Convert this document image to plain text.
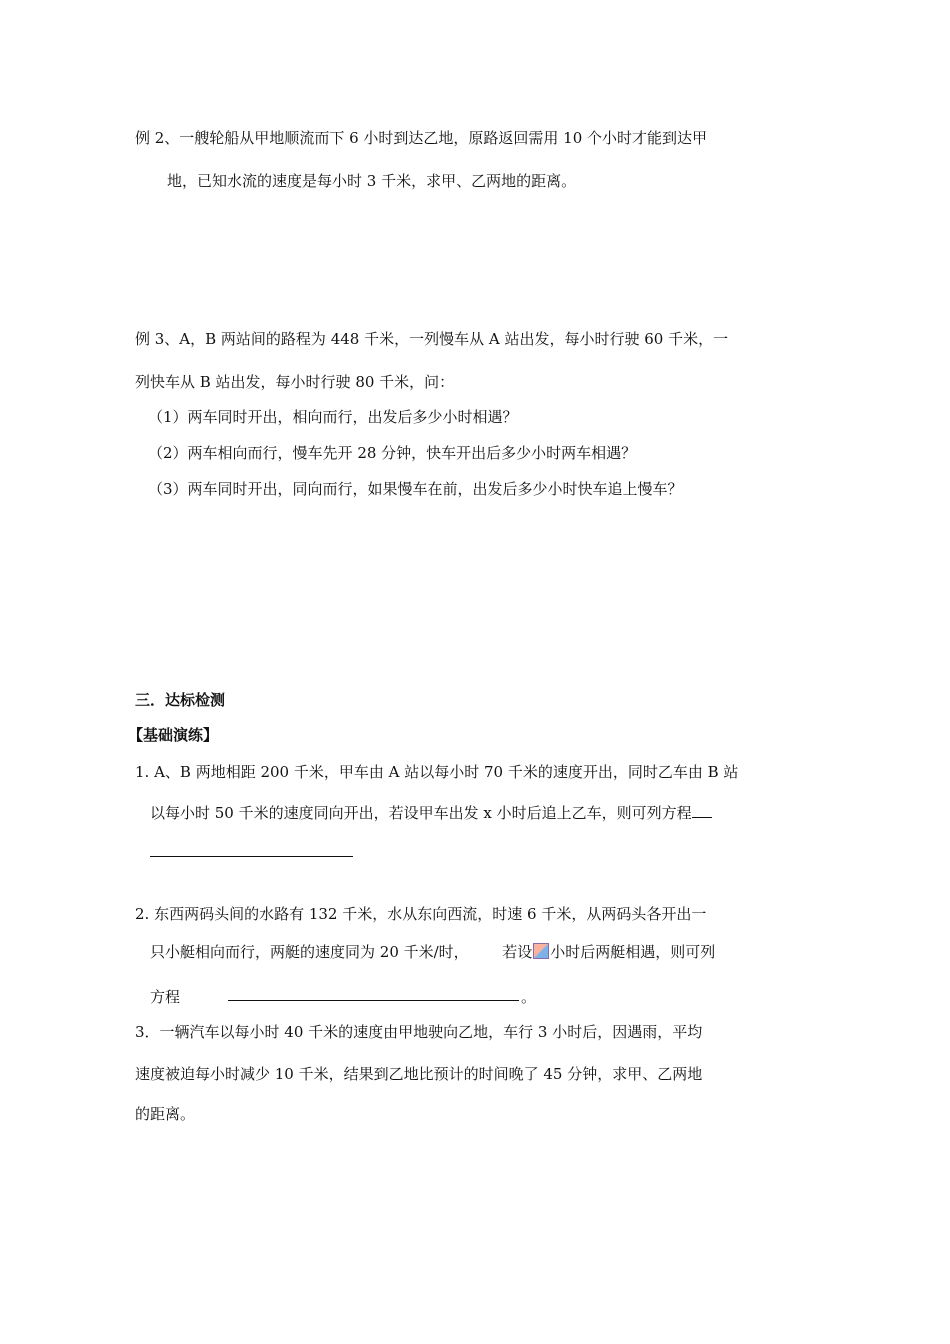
例 2、一艘轮船从甲地顺流而下 6 小时到达乙地，原路返回需用 10 个小时才能到达甲
地，已知水流的速度是每小时 3 千米，求甲、乙两地的距离。
例 3、A，B 两站间的路程为 448 千米，一列慢车从 A 站出发，每小时行驶 60 千米，一
列快车从 B 站出发，每小时行驶 80 千米，问：
（1）两车同时开出，相向而行，出发后多少小时相遇？
（2）两车相向而行，慢车先开 28 分钟，快车开出后多少小时两车相遇？
（3）两车同时开出，同向而行，如果慢车在前，出发后多少小时快车追上慢车？
三．达标检测
【基础演练】
1. A、B 两地相距 200 千米，甲车由 A 站以每小时 70 千米的速度开出，同时乙车由 B 站
以每小时 50 千米的速度同向开出，若设甲车出发 x 小时后追上乙车，则可列方程
2. 东西两码头间的水路有 132 千米，水从东向西流，时速 6 千米，从两码头各开出一
只小艇相向而行，两艇的速度同为 20 千米/时， 若设 小时后两艇相遇，则可列
方程	。
3．一辆汽车以每小时 40 千米的速度由甲地驶向乙地，车行 3 小时后，因遇雨，平均
速度被迫每小时减少 10 千米，结果到乙地比预计的时间晚了 45 分钟，求甲、乙两地
的距离。
